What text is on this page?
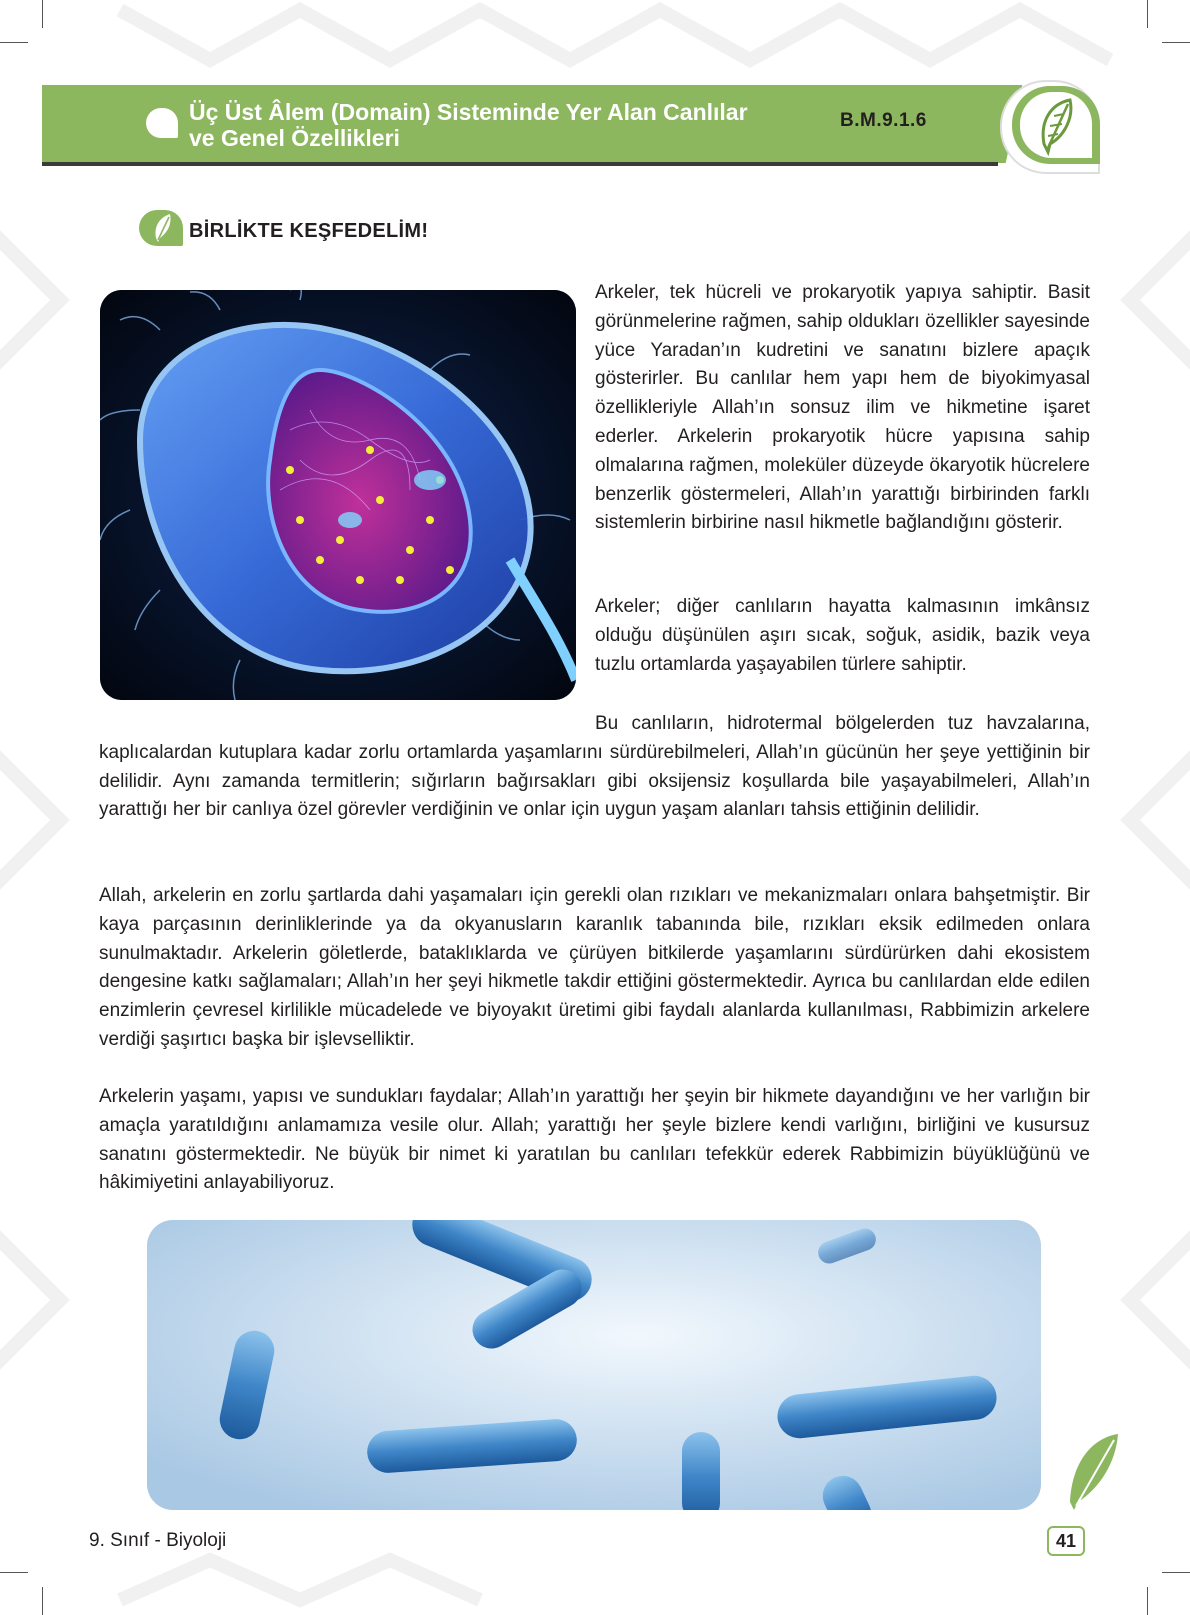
Üç Üst Âlem (Domain) Sisteminde Yer Alan Canlılar
ve Genel Özellikleri
B.M.9.1.6
BİRLİKTE KEŞFEDELİM!

Arkeler, tek hücreli ve prokaryotik yapıya sahiptir. Basit görünmelerine rağmen, sahip oldukları özellikler sayesinde yüce Yaradan’ın kudretini ve sanatını bizlere apaçık gösterirler. Bu canlılar hem yapı hem de biyokimyasal özellikleriyle Allah’ın sonsuz ilim ve hikmetine işaret ederler. Arkelerin prokaryotik hücre yapısına sahip olmalarına rağmen, moleküler düzeyde ökaryotik hücrelere benzerlik göstermeleri, Allah’ın yarattığı birbirinden farklı sistemlerin birbirine nasıl hikmetle bağlandığını gösterir.

Arkeler; diğer canlıların hayatta kalmasının imkânsız olduğu düşünülen aşırı sıcak, soğuk, asidik, bazik veya tuzlu ortamlarda yaşayabilen türlere sahiptir.

Bu canlıların, hidrotermal bölgelerden tuz havzalarına, kaplıcalardan kutuplara kadar zorlu ortamlarda yaşamlarını sürdürebilmeleri, Allah’ın gücünün her şeye yettiğinin bir delilidir. Aynı zamanda termitlerin; sığırların bağırsakları gibi oksijensiz koşullarda bile yaşayabilmeleri, Allah’ın yarattığı her bir canlıya özel görevler verdiğinin ve onlar için uygun yaşam alanları tahsis ettiğinin delilidir.

Allah, arkelerin en zorlu şartlarda dahi yaşamaları için gerekli olan rızıkları ve mekanizmaları onlara bahşetmiştir. Bir kaya parçasının derinliklerinde ya da okyanusların karanlık tabanında bile, rızıkları eksik edilmeden onlara sunulmaktadır. Arkelerin göletlerde, bataklıklarda ve çürüyen bitkilerde yaşamlarını sürdürürken dahi ekosistem dengesine katkı sağlamaları; Allah’ın her şeyi hikmetle takdir ettiğini göstermektedir. Ayrıca bu canlılardan elde edilen enzimlerin çevresel kirlilikle mücadelede ve biyoyakıt üretimi gibi faydalı alanlarda kullanılması, Rabbimizin arkelere verdiği şaşırtıcı başka bir işlevselliktir.

Arkelerin yaşamı, yapısı ve sundukları faydalar; Allah’ın yarattığı her şeyin bir hikmete dayandığını ve her varlığın bir amaçla yaratıldığını anlamamıza vesile olur. Allah; yarattığı her şeyle bizlere kendi varlığını, birliğini ve kusursuz sanatını göstermektedir. Ne büyük bir nimet ki yaratılan bu canlıları tefekkür ederek Rabbimizin büyüklüğünü ve hâkimiyetini anlayabiliyoruz.

9. Sınıf - Biyoloji	41
